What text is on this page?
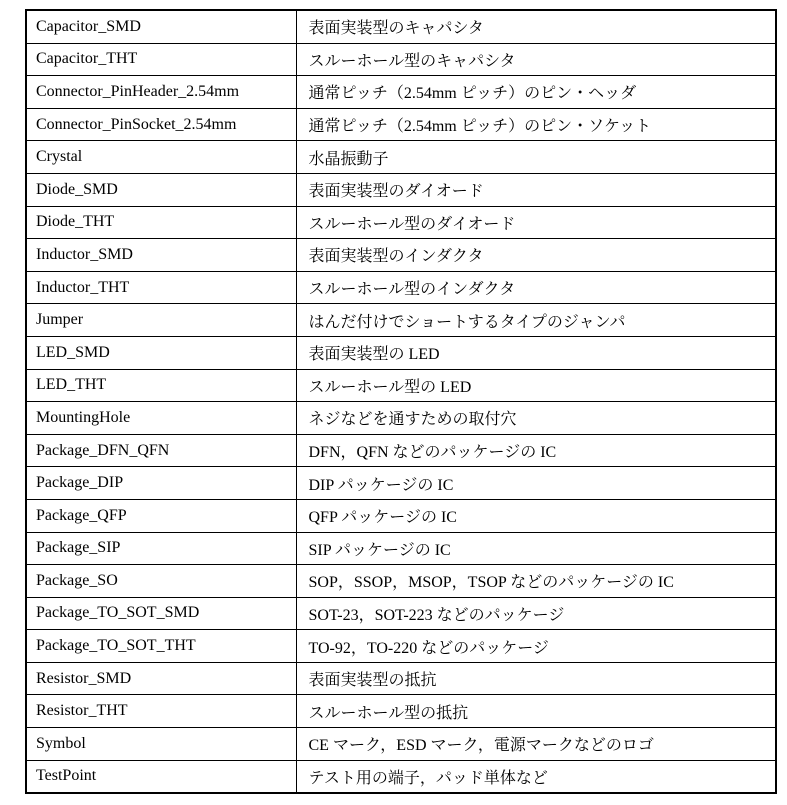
Capacitor_SMD	表面実装型のキャパシタ
Capacitor_THT	スルーホール型のキャパシタ
Connector_PinHeader_2.54mm	通常ピッチ（2.54mm ピッチ）のピン・ヘッダ
Connector_PinSocket_2.54mm	通常ピッチ（2.54mm ピッチ）のピン・ソケット
Crystal	水晶振動子
Diode_SMD	表面実装型のダイオード
Diode_THT	スルーホール型のダイオード
Inductor_SMD	表面実装型のインダクタ
Inductor_THT	スルーホール型のインダクタ
Jumper	はんだ付けでショートするタイプのジャンパ
LED_SMD	表面実装型の LED
LED_THT	スルーホール型の LED
MountingHole	ネジなどを通すための取付穴
Package_DFN_QFN	DFN，QFN などのパッケージの IC
Package_DIP	DIP パッケージの IC
Package_QFP	QFP パッケージの IC
Package_SIP	SIP パッケージの IC
Package_SO	SOP，SSOP，MSOP，TSOP などのパッケージの IC
Package_TO_SOT_SMD	SOT-23，SOT-223 などのパッケージ
Package_TO_SOT_THT	TO-92，TO-220 などのパッケージ
Resistor_SMD	表面実装型の抵抗
Resistor_THT	スルーホール型の抵抗
Symbol	CE マーク，ESD マーク，電源マークなどのロゴ
TestPoint	テスト用の端子，パッド単体など
